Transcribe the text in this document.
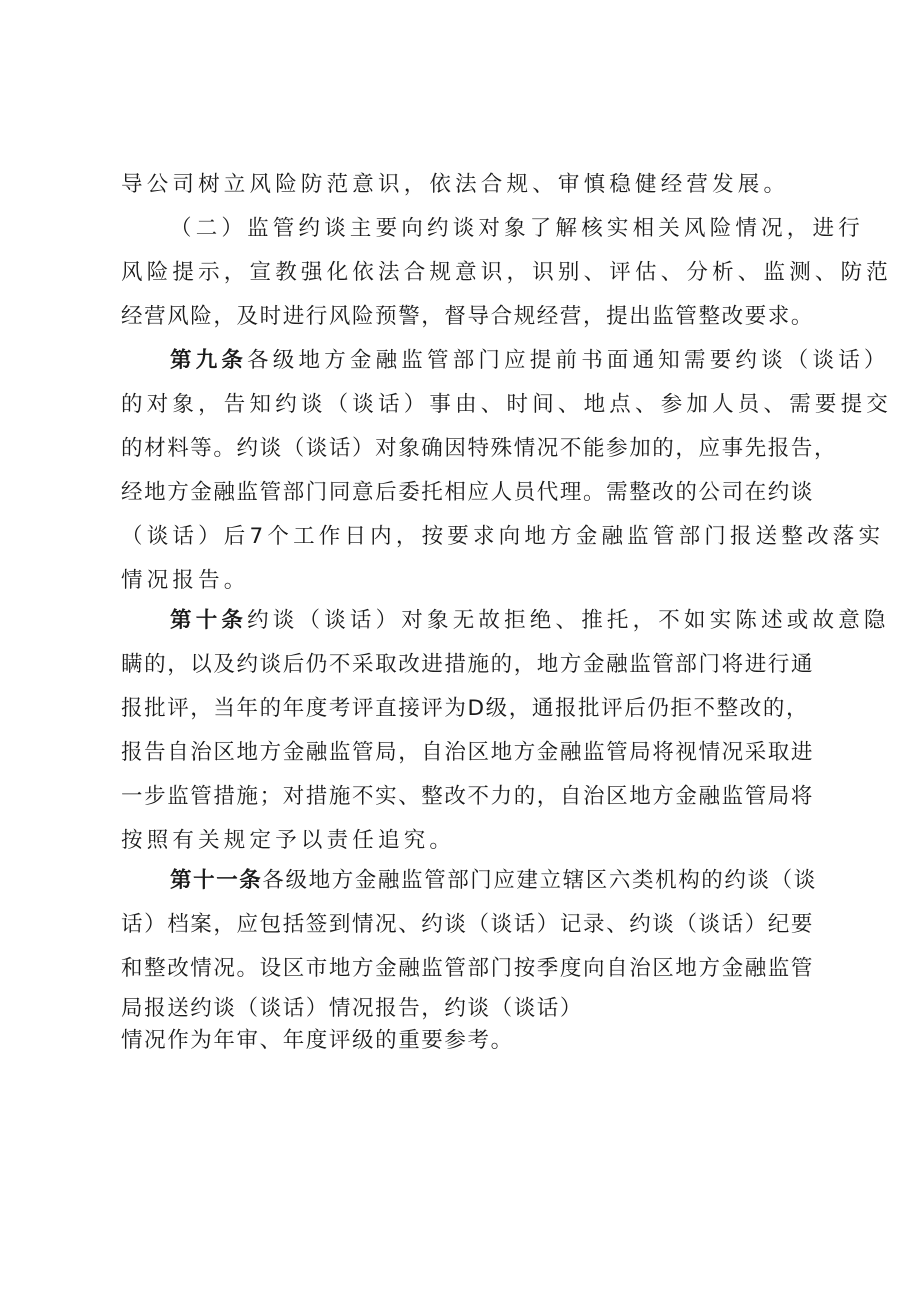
导公司树立风险防范意识，依法合规、审慎稳健经营发展。
（二）监管约谈主要向约谈对象了解核实相关风险情况，进行
风险提示，宣教强化依法合规意识，识别、评估、分析、监测、防范
经营风险，及时进行风险预警，督导合规经营，提出监管整改要求。
第九条各级地方金融监管部门应提前书面通知需要约谈（谈话）
的对象，告知约谈（谈话）事由、时间、地点、参加人员、需要提交
的材料等。约谈（谈话）对象确因特殊情况不能参加的，应事先报告，
经地方金融监管部门同意后委托相应人员代理。需整改的公司在约谈
（谈话）后7个工作日内，按要求向地方金融监管部门报送整改落实
情况报告。
第十条约谈（谈话）对象无故拒绝、推托，不如实陈述或故意隐
瞒的，以及约谈后仍不采取改进措施的，地方金融监管部门将进行通
报批评，当年的年度考评直接评为D级，通报批评后仍拒不整改的，
报告自治区地方金融监管局，自治区地方金融监管局将视情况采取进
一步监管措施；对措施不实、整改不力的，自治区地方金融监管局将
按照有关规定予以责任追究。
第十一条各级地方金融监管部门应建立辖区六类机构的约谈（谈
话）档案，应包括签到情况、约谈（谈话）记录、约谈（谈话）纪要
和整改情况。设区市地方金融监管部门按季度向自治区地方金融监管
局报送约谈（谈话）情况报告，约谈（谈话）
情况作为年审、年度评级的重要参考。
